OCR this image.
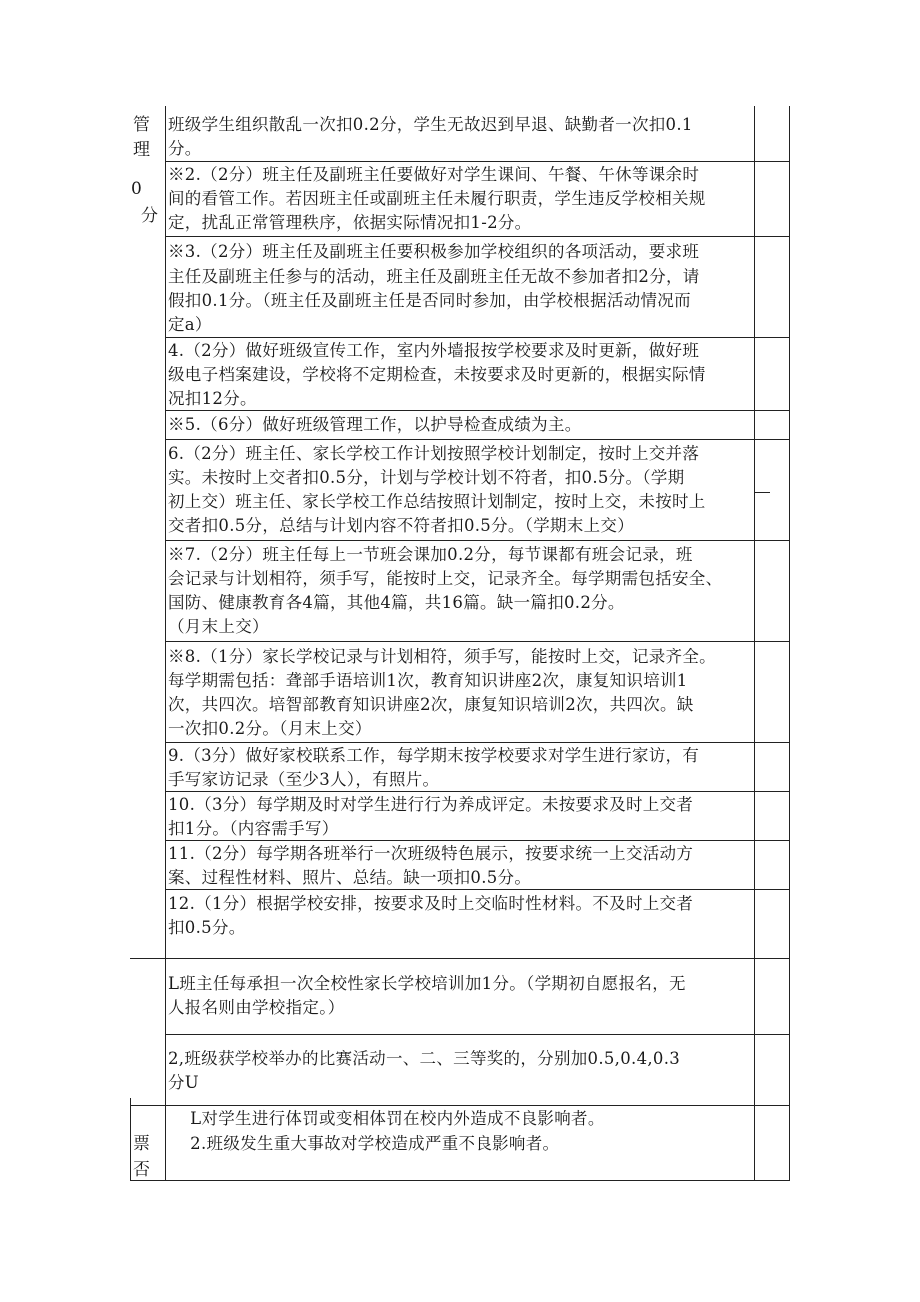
管
理
0
分
票
否
班级学生组织散乱一次扣0.2分，学生无故迟到早退、缺勤者一次扣0.1
分。
※2.（2分）班主任及副班主任要做好对学生课间、午餐、午休等课余时
间的看管工作。若因班主任或副班主任未履行职责，学生违反学校相关规
定，扰乱正常管理秩序，依据实际情况扣1-2分。
※3.（2分）班主任及副班主任要积极参加学校组织的各项活动，要求班
主任及副班主任参与的活动，班主任及副班主任无故不参加者扣2分，请
假扣0.1分。（班主任及副班主任是否同时参加，由学校根据活动情况而
定a）
4.（2分）做好班级宣传工作，室内外墙报按学校要求及时更新，做好班
级电子档案建设，学校将不定期检查，未按要求及时更新的，根据实际情
况扣12分。
※5.（6分）做好班级管理工作，以护导检查成绩为主。
6.（2分）班主任、家长学校工作计划按照学校计划制定，按时上交并落
实。未按时上交者扣0.5分，计划与学校计划不符者，扣0.5分。（学期
初上交）班主任、家长学校工作总结按照计划制定，按时上交，未按时上
交者扣0.5分，总结与计划内容不符者扣0.5分。（学期末上交）
※7.（2分）班主任每上一节班会课加0.2分，每节课都有班会记录，班
会记录与计划相符，须手写，能按时上交，记录齐全。每学期需包括安全、
国防、健康教育各4篇，其他4篇，共16篇。缺一篇扣0.2分。
（月末上交）
※8.（1分）家长学校记录与计划相符，须手写，能按时上交，记录齐全。
每学期需包括：聋部手语培训1次，教育知识讲座2次，康复知识培训1
次，共四次。培智部教育知识讲座2次，康复知识培训2次，共四次。缺
一次扣0.2分。（月末上交）
9.（3分）做好家校联系工作，每学期末按学校要求对学生进行家访，有
手写家访记录（至少3人），有照片。
10.（3分）每学期及时对学生进行行为养成评定。未按要求及时上交者
扣1分。（内容需手写）
11.（2分）每学期各班举行一次班级特色展示，按要求统一上交活动方
案、过程性材料、照片、总结。缺一项扣0.5分。
12.（1分）根据学校安排，按要求及时上交临时性材料。不及时上交者
扣0.5分。
L班主任每承担一次全校性家长学校培训加1分。（学期初自愿报名，无
人报名则由学校指定。）
2,班级获学校举办的比赛活动一、二、三等奖的，分别加0.5,0.4,0.3
分U
L对学生进行体罚或变相体罚在校内外造成不良影响者。
2.班级发生重大事故对学校造成严重不良影响者。
